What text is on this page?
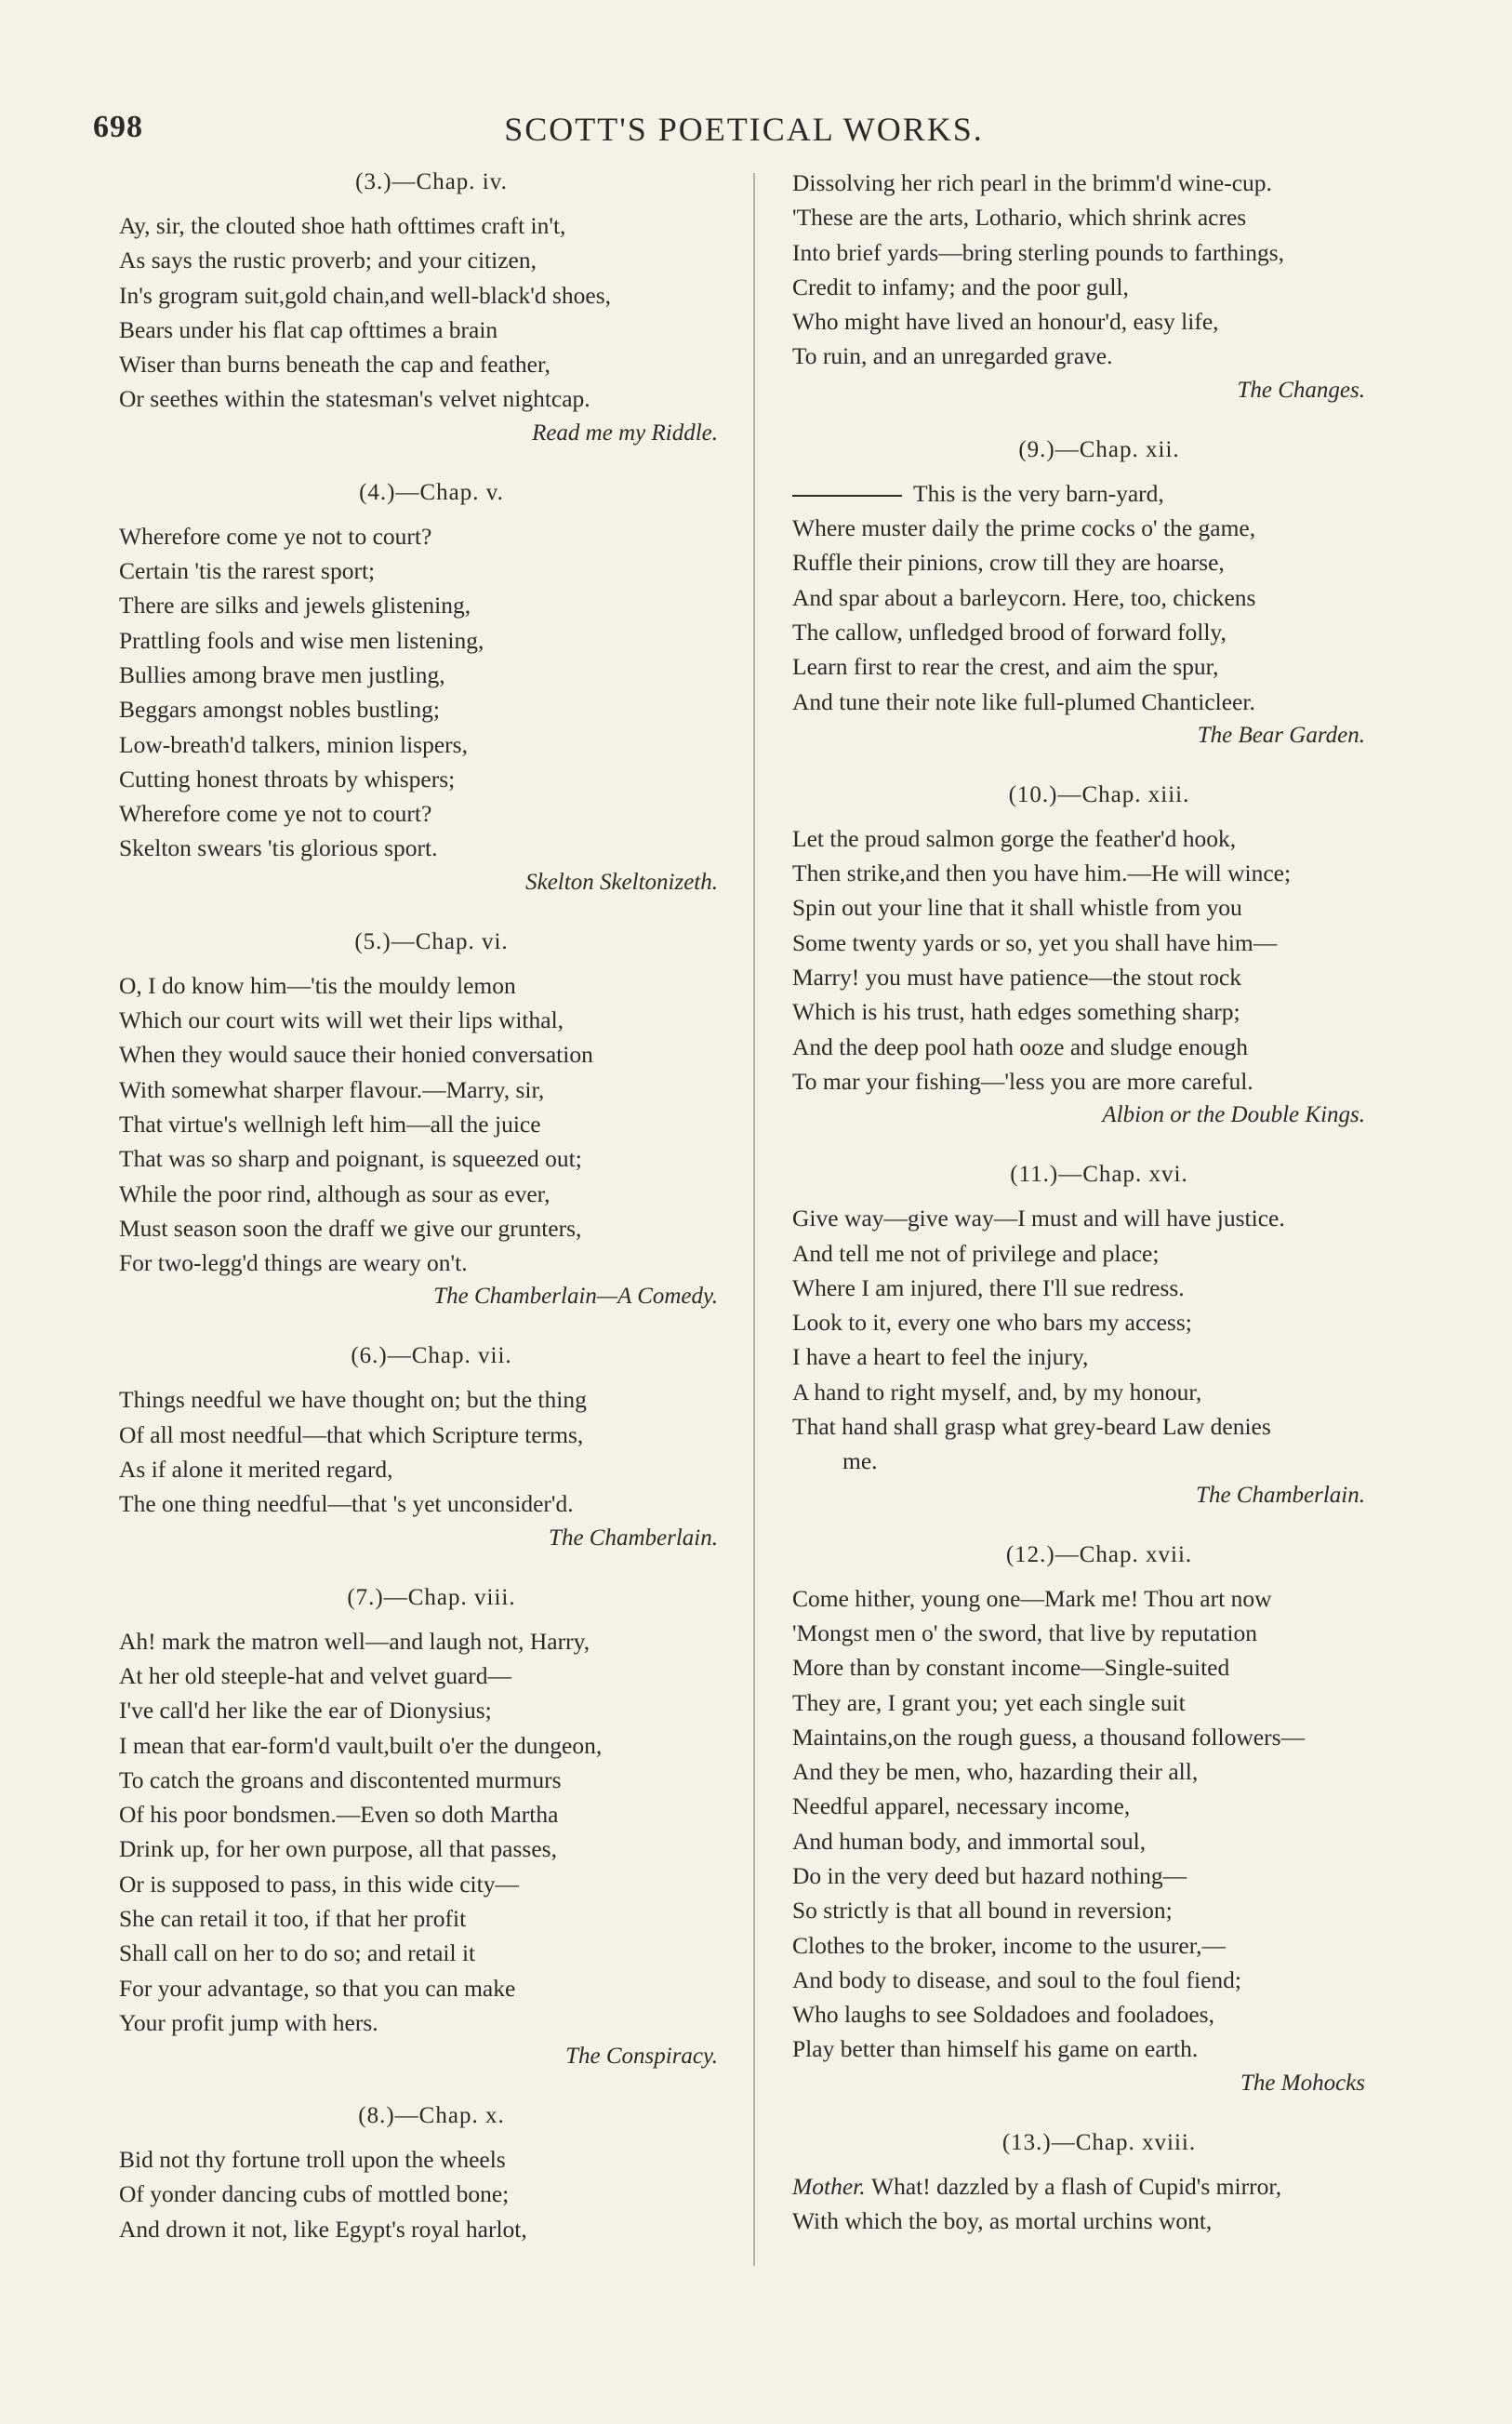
698	SCOTT'S POETICAL WORKS.
(3.)—Chap. iv.
Ay, sir, the clouted shoe hath ofttimes craft in't,
As says the rustic proverb; and your citizen,
In's grogram suit,gold chain,and well-black'd shoes,
Bears under his flat cap ofttimes a brain
Wiser than burns beneath the cap and feather,
Or seethes within the statesman's velvet nightcap.
Read me my Riddle.
(4.)—Chap. v.
Wherefore come ye not to court?
Certain 'tis the rarest sport;
There are silks and jewels glistening,
Prattling fools and wise men listening,
Bullies among brave men justling,
Beggars amongst nobles bustling;
Low-breath'd talkers, minion lispers,
Cutting honest throats by whispers;
Wherefore come ye not to court?
Skelton swears 'tis glorious sport.
Skelton Skeltonizeth.
(5.)—Chap. vi.
O, I do know him—'tis the mouldy lemon
Which our court wits will wet their lips withal,
When they would sauce their honied conversation
With somewhat sharper flavour.—Marry, sir,
That virtue's wellnigh left him—all the juice
That was so sharp and poignant, is squeezed out;
While the poor rind, although as sour as ever,
Must season soon the draff we give our grunters,
For two-legg'd things are weary on't.
The Chamberlain—A Comedy.
(6.)—Chap. vii.
Things needful we have thought on; but the thing
Of all most needful—that which Scripture terms,
As if alone it merited regard,
The one thing needful—that 's yet unconsider'd.
The Chamberlain.
(7.)—Chap. viii.
Ah! mark the matron well—and laugh not, Harry,
At her old steeple-hat and velvet guard—
I've call'd her like the ear of Dionysius;
I mean that ear-form'd vault,built o'er the dungeon,
To catch the groans and discontented murmurs
Of his poor bondsmen.—Even so doth Martha
Drink up, for her own purpose, all that passes,
Or is supposed to pass, in this wide city—
She can retail it too, if that her profit
Shall call on her to do so; and retail it
For your advantage, so that you can make
Your profit jump with hers.
The Conspiracy.
(8.)—Chap. x.
Bid not thy fortune troll upon the wheels
Of yonder dancing cubs of mottled bone;
And drown it not, like Egypt's royal harlot,
Dissolving her rich pearl in the brimm'd wine-cup.
'These are the arts, Lothario, which shrink acres
Into brief yards—bring sterling pounds to farthings,
Credit to infamy; and the poor gull,
Who might have lived an honour'd, easy life,
To ruin, and an unregarded grave.
The Changes.
(9.)—Chap. xii.
This is the very barn-yard,
Where muster daily the prime cocks o' the game,
Ruffle their pinions, crow till they are hoarse,
And spar about a barleycorn. Here, too, chickens
The callow, unfledged brood of forward folly,
Learn first to rear the crest, and aim the spur,
And tune their note like full-plumed Chanticleer.
The Bear Garden.
(10.)—Chap. xiii.
Let the proud salmon gorge the feather'd hook,
Then strike,and then you have him.—He will wince;
Spin out your line that it shall whistle from you
Some twenty yards or so, yet you shall have him—
Marry! you must have patience—the stout rock
Which is his trust, hath edges something sharp;
And the deep pool hath ooze and sludge enough
To mar your fishing—'less you are more careful.
Albion or the Double Kings.
(11.)—Chap. xvi.
Give way—give way—I must and will have justice.
And tell me not of privilege and place;
Where I am injured, there I'll sue redress.
Look to it, every one who bars my access;
I have a heart to feel the injury,
A hand to right myself, and, by my honour,
That hand shall grasp what grey-beard Law denies
me.
The Chamberlain.
(12.)—Chap. xvii.
Come hither, young one—Mark me! Thou art now
'Mongst men o' the sword, that live by reputation
More than by constant income—Single-suited
They are, I grant you; yet each single suit
Maintains,on the rough guess, a thousand followers—
And they be men, who, hazarding their all,
Needful apparel, necessary income,
And human body, and immortal soul,
Do in the very deed but hazard nothing—
So strictly is that all bound in reversion;
Clothes to the broker, income to the usurer,—
And body to disease, and soul to the foul fiend;
Who laughs to see Soldadoes and fooladoes,
Play better than himself his game on earth.
The Mohocks
(13.)—Chap. xviii.
Mother. What! dazzled by a flash of Cupid's mirror,
With which the boy, as mortal urchins wont,
